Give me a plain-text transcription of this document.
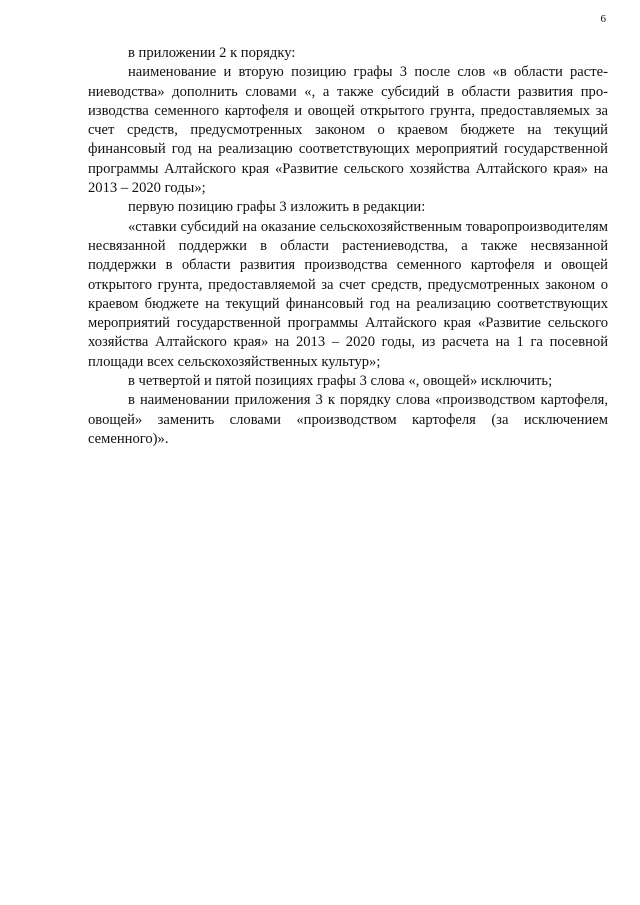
6

в приложении 2 к порядку:

наименование и вторую позицию графы 3 после слов «в области растениеводства» дополнить словами «, а также субсидий в области развития производства семенного картофеля и овощей открытого грунта, предоставляемых за счет средств, предусмотренных законом о краевом бюджете на текущий финансовый год на реализацию соответствующих мероприятий государственной программы Алтайского края «Развитие сельского хозяйства Алтайского края» на 2013 – 2020 годы»;

первую позицию графы 3 изложить в редакции:

«ставки субсидий на оказание сельскохозяйственным товаропроизводителям несвязанной поддержки в области растениеводства, а также несвязанной поддержки в области развития производства семенного картофеля и овощей открытого грунта, предоставляемой за счет средств, предусмотренных законом о краевом бюджете на текущий финансовый год на реализацию соответствующих мероприятий государственной программы Алтайского края «Развитие сельского хозяйства Алтайского края» на 2013 – 2020 годы, из расчета на 1 га посевной площади всех сельскохозяйственных культур»;

в четвертой и пятой позициях графы 3 слова «, овощей» исключить;

в наименовании приложения 3 к порядку слова «производством картофеля, овощей» заменить словами «производством картофеля (за исключением семенного)».
